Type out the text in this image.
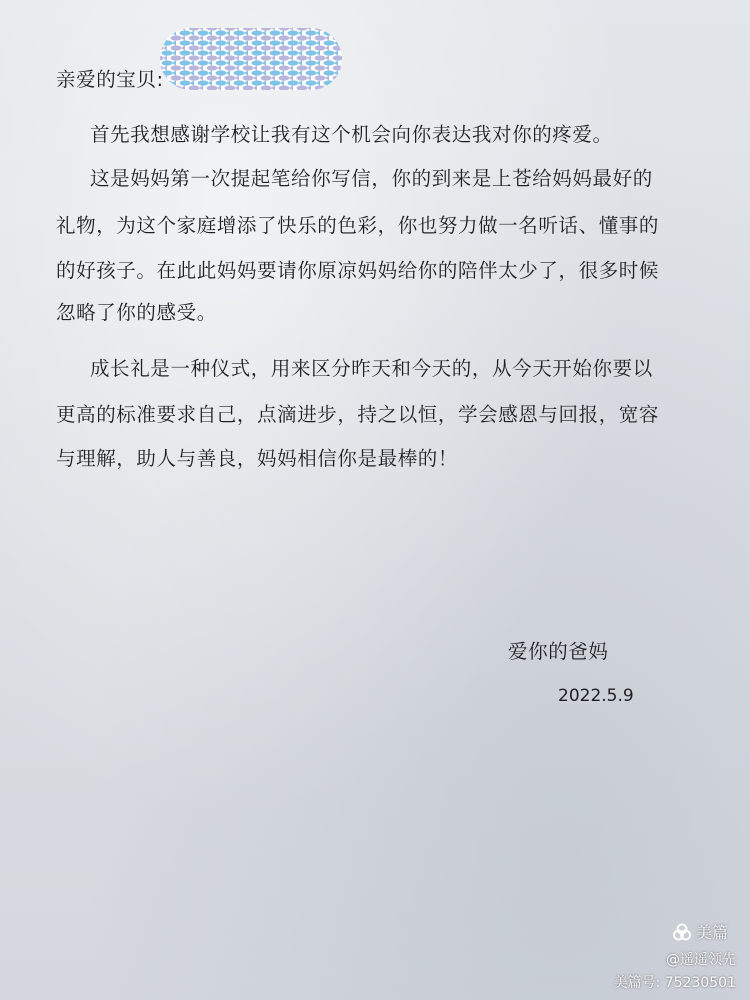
亲爱的宝贝:
首先我想感谢学校让我有这个机会向你表达我对你的疼爱。
这是妈妈第一次提起笔给你写信，你的到来是上苍给妈妈最好的
礼物，为这个家庭增添了快乐的色彩，你也努力做一名听话、懂事的
的好孩子。在此此妈妈要请你原凉妈妈给你的陪伴太少了，很多时候
忽略了你的感受。
成长礼是一种仪式，用来区分昨天和今天的，从今天开始你要以
更高的标准要求自己，点滴进步，持之以恒，学会感恩与回报，宽容
与理解，助人与善良，妈妈相信你是最棒的！
爱你的爸妈
2022.5.9
美篇
@遥遥领先
美篇号: 75230501
